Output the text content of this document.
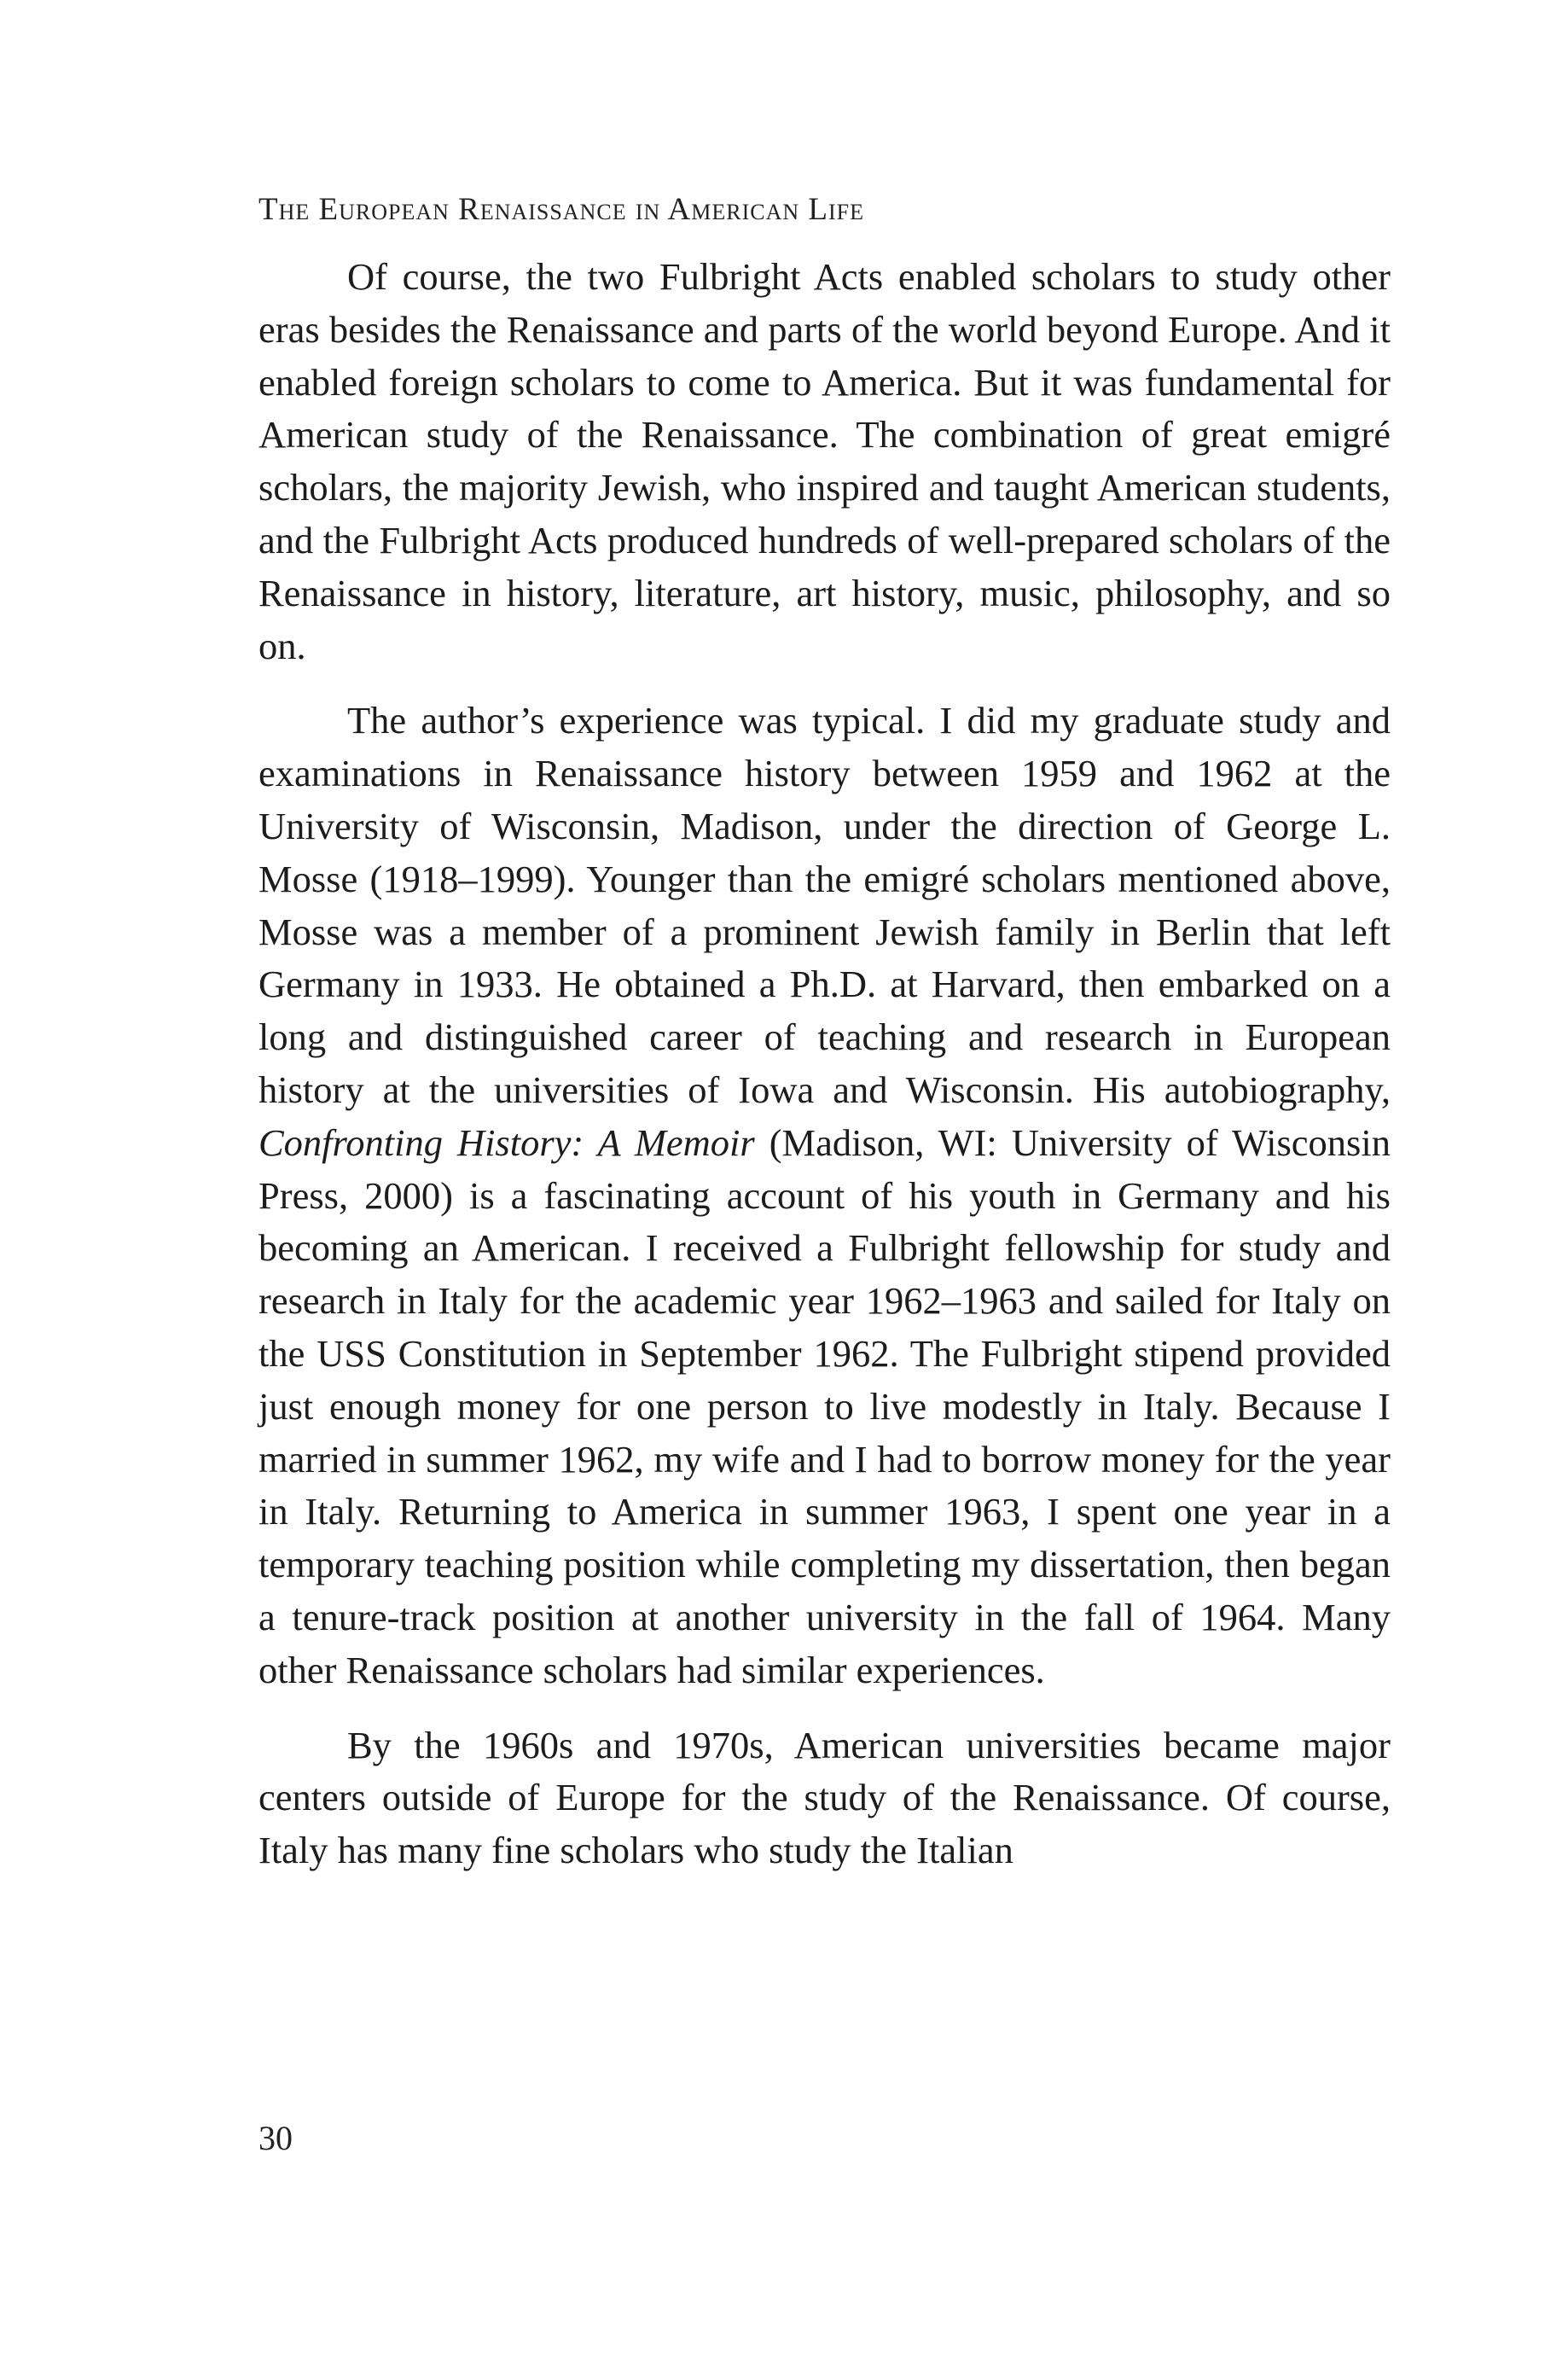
The European Renaissance in American Life

Of course, the two Fulbright Acts enabled scholars to study other eras besides the Renaissance and parts of the world beyond Europe. And it enabled foreign scholars to come to America. But it was fundamental for American study of the Renaissance. The combination of great emigré scholars, the majority Jewish, who inspired and taught American students, and the Fulbright Acts produced hundreds of well-prepared scholars of the Renaissance in history, literature, art history, music, philosophy, and so on.

The author’s experience was typical. I did my graduate study and examinations in Renaissance history between 1959 and 1962 at the University of Wisconsin, Madison, under the direction of George L. Mosse (1918–1999). Younger than the emigré scholars mentioned above, Mosse was a member of a prominent Jewish family in Berlin that left Germany in 1933. He obtained a Ph.D. at Harvard, then embarked on a long and distinguished career of teaching and research in European history at the universities of Iowa and Wisconsin. His autobiography, Confronting History: A Memoir (Madison, WI: University of Wisconsin Press, 2000) is a fascinating account of his youth in Germany and his becoming an American. I received a Fulbright fellowship for study and research in Italy for the academic year 1962–1963 and sailed for Italy on the USS Constitution in September 1962. The Fulbright stipend provided just enough money for one person to live modestly in Italy. Because I married in summer 1962, my wife and I had to borrow money for the year in Italy. Returning to America in summer 1963, I spent one year in a temporary teaching position while completing my dissertation, then began a tenure-track position at another university in the fall of 1964. Many other Renaissance scholars had similar experiences.

By the 1960s and 1970s, American universities became major centers outside of Europe for the study of the Renaissance. Of course, Italy has many fine scholars who study the Italian

30
